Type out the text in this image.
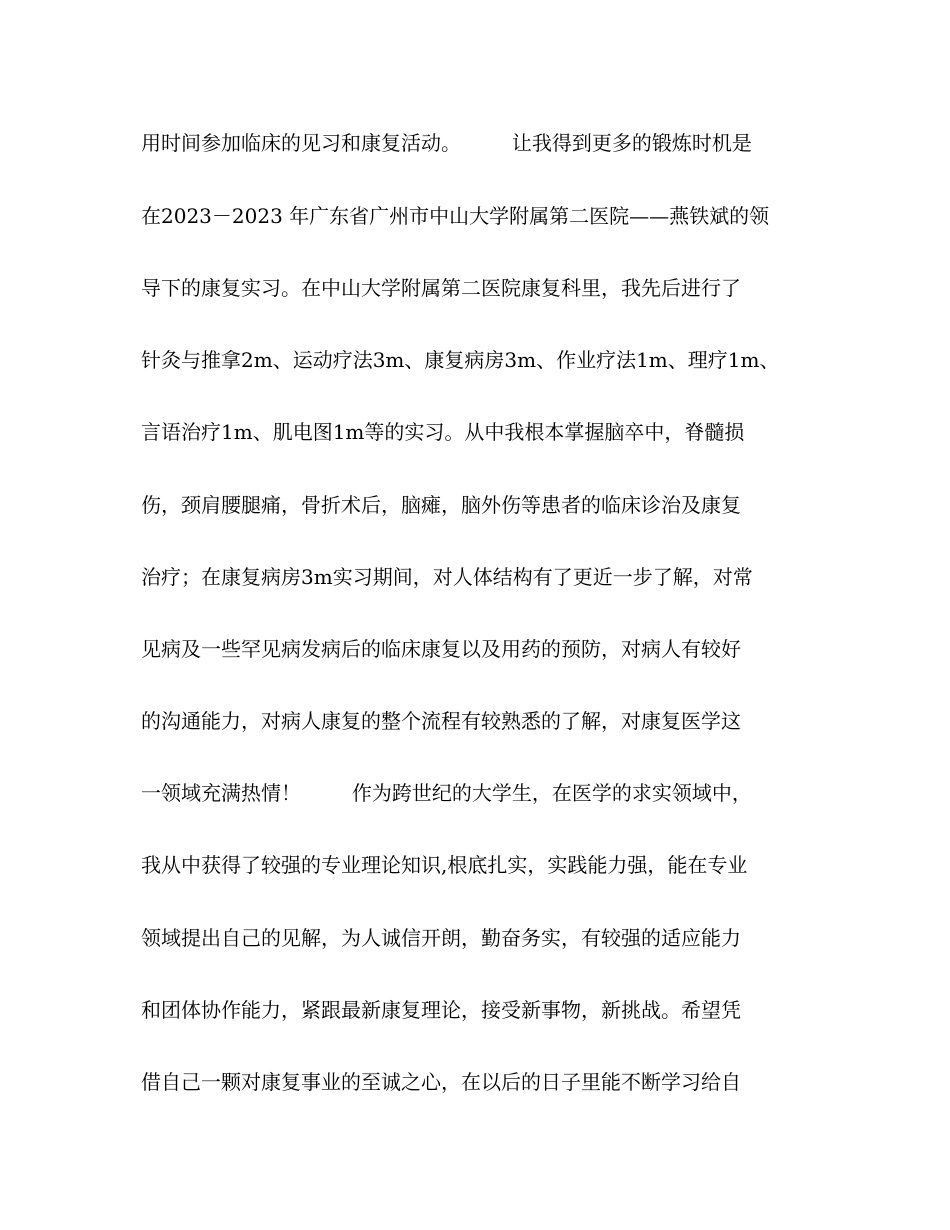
用时间参加临床的见习和康复活动。        让我得到更多的锻炼时机是
在2023－2023 年广东省广州市中山大学附属第二医院——燕铁斌的领
导下的康复实习。在中山大学附属第二医院康复科里，我先后进行了
针灸与推拿2m、运动疗法3m、康复病房3m、作业疗法1m、理疗1m、
言语治疗1m、肌电图1m等的实习。从中我根本掌握脑卒中，脊髓损
伤，颈肩腰腿痛，骨折术后，脑瘫，脑外伤等患者的临床诊治及康复
治疗；在康复病房3m实习期间，对人体结构有了更近一步了解，对常
见病及一些罕见病发病后的临床康复以及用药的预防，对病人有较好
的沟通能力，对病人康复的整个流程有较熟悉的了解，对康复医学这
一领域充满热情！        作为跨世纪的大学生，在医学的求实领域中，
我从中获得了较强的专业理论知识,根底扎实，实践能力强，能在专业
领域提出自己的见解，为人诚信开朗，勤奋务实，有较强的适应能力
和团体协作能力，紧跟最新康复理论，接受新事物，新挑战。希望凭
借自己一颗对康复事业的至诚之心，在以后的日子里能不断学习给自
